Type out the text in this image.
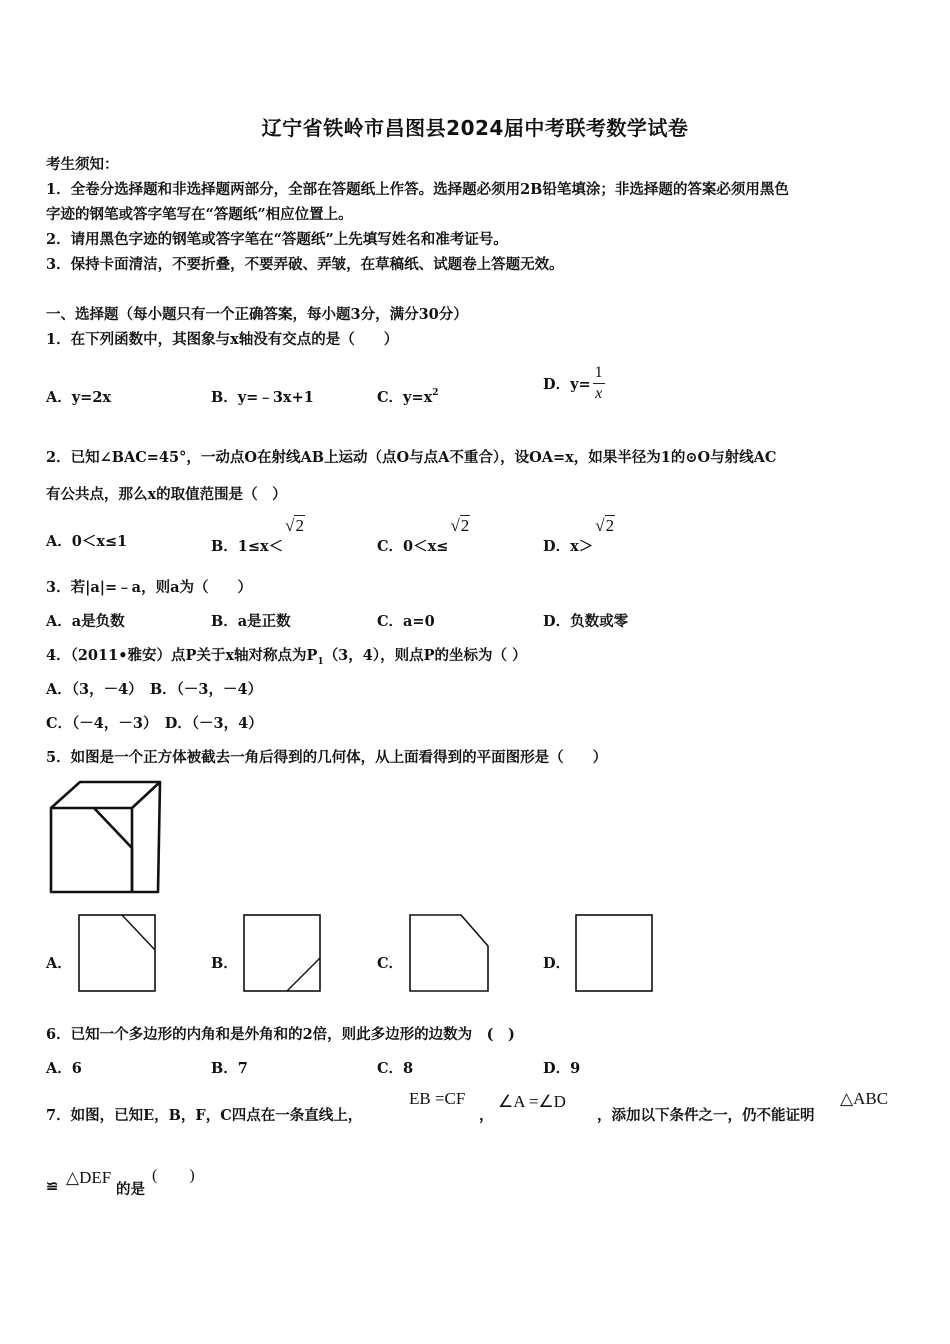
辽宁省铁岭市昌图县2024届中考联考数学试卷
考生须知：
1．全卷分选择题和非选择题两部分，全部在答题纸上作答。选择题必须用2B铅笔填涂；非选择题的答案必须用黑色
字迹的钢笔或答字笔写在“答题纸”相应位置上。
2．请用黑色字迹的钢笔或答字笔在“答题纸”上先填写姓名和准考证号。
3．保持卡面清洁，不要折叠，不要弄破、弄皱，在草稿纸、试题卷上答题无效。
一、选择题（每小题只有一个正确答案，每小题3分，满分30分）
1．在下列函数中，其图象与x轴没有交点的是（　　）
A．y=2x	B．y=﹣3x+1	C．$y=x^2$	D．$y= \frac{1}{x}$
2．已知∠BAC=45°，一动点O在射线AB上运动（点O与点A不重合），设OA=x，如果半径为1的⊙O与射线AC
有公共点，那么x的取值范围是（　）
A．0＜x≤1	B．1≤x＜√2
C．0＜x≤√2
D．x＞√2
3．若|a|=﹣a，则a为（　　）
A．a是负数	B．a是正数	C．a=0	D．负数或零
4．（2011•雅安）点P关于x轴对称点为$P_1(3$，4），则点P的坐标为（ ）
A．（3，－4）　B．（－3，－4）
C．（－4，－3）　D．（－3，4）
5．如图是一个正方体被截去一角后得到的几何体，从上面看得到的平面图形是（　　）
A．	B．	C．	D．
6．已知一个多边形的内角和是外角和的2倍，则此多边形的边数为　(　)
A．6	B．7	C．8	D．9
7．如图，已知E，B，F，C四点在一条直线上，
EB =CF
，
∠A =∠D
，添加以下条件之一，仍不能证明
△ABC
≌ △DEF
的是
(　　)
